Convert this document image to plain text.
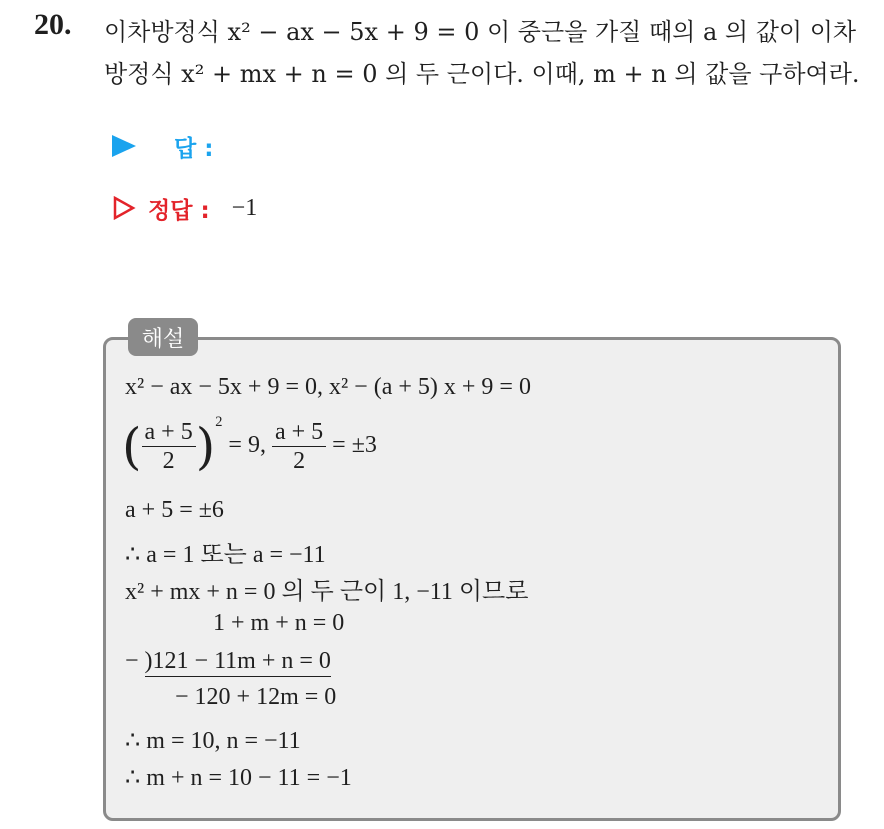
20. 이차방정식 x² − ax − 5x + 9 = 0 이 중근을 가질 때의 a 의 값이 이차
방정식 x² + mx + n = 0 의 두 근이다. 이때, m + n 의 값을 구하여라.
답 :
정답 : −1
해설
x² − ax − 5x + 9 = 0, x² − (a + 5) x + 9 = 0
( $\frac{a + 5}{2} )^2 = 9$, $\frac{a + 5}{2} = \pm 3$
a + 5 = ±6
∴ a = 1 또는 a = −11
x² + mx + n = 0 의 두 근이 1, −11 이므로
1 + m + n = 0
− )121 − 11m + n = 0
− 120 + 12m = 0
∴ m = 10, n = −11
∴ m + n = 10 − 11 = −1
